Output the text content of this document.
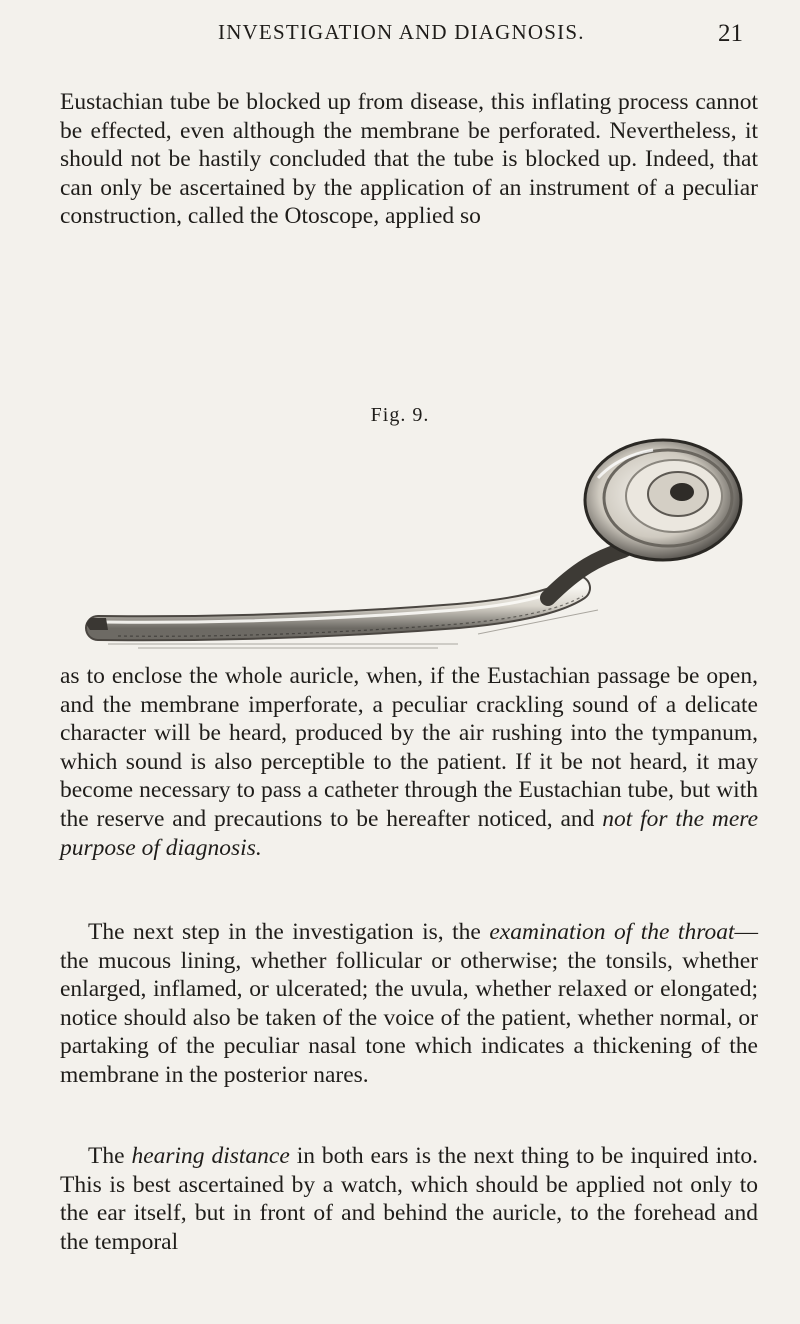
INVESTIGATION AND DIAGNOSIS.	21

Eustachian tube be blocked up from disease, this inflating process cannot be effected, even although the membrane be perforated. Nevertheless, it should not be hastily concluded that the tube is blocked up. Indeed, that can only be ascertained by the application of an instrument of a peculiar construction, called the Otoscope, applied so

Fig. 9.

as to enclose the whole auricle, when, if the Eustachian passage be open, and the membrane imperforate, a peculiar crackling sound of a delicate character will be heard, produced by the air rushing into the tympanum, which sound is also perceptible to the patient. If it be not heard, it may become necessary to pass a catheter through the Eustachian tube, but with the reserve and precautions to be hereafter noticed, and not for the mere purpose of diagnosis.

The next step in the investigation is, the examination of the throat—the mucous lining, whether follicular or otherwise; the tonsils, whether enlarged, inflamed, or ulcerated; the uvula, whether relaxed or elongated; notice should also be taken of the voice of the patient, whether normal, or partaking of the peculiar nasal tone which indicates a thickening of the membrane in the posterior nares.

The hearing distance in both ears is the next thing to be inquired into. This is best ascertained by a watch, which should be applied not only to the ear itself, but in front of and behind the auricle, to the forehead and the temporal
